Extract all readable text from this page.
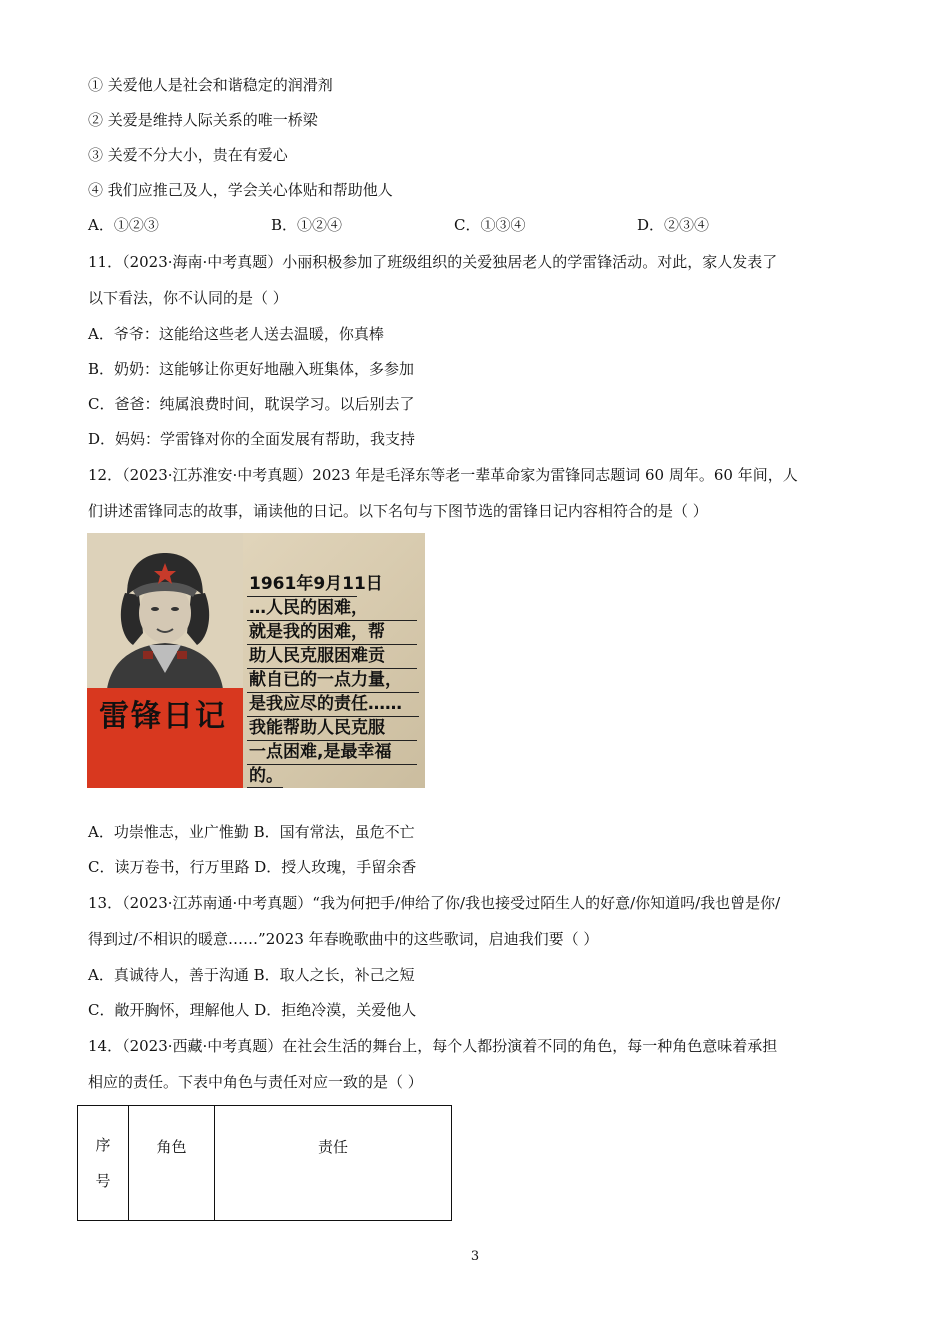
① 关爱他人是社会和谐稳定的润滑剂
② 关爱是维持人际关系的唯一桥梁
③ 关爱不分大小，贵在有爱心
④ 我们应推己及人，学会关心体贴和帮助他人
A．①②③	B．①②④	C．①③④	D．②③④
11．（2023·海南·中考真题）小丽积极参加了班级组织的关爱独居老人的学雷锋活动。对此，家人发表了
以下看法，你不认同的是（ ）
A．爷爷：这能给这些老人送去温暖，你真棒
B．奶奶：这能够让你更好地融入班集体，多参加
C．爸爸：纯属浪费时间，耽误学习。以后别去了
D．妈妈：学雷锋对你的全面发展有帮助，我支持
12．（2023·江苏淮安·中考真题）2023 年是毛泽东等老一辈革命家为雷锋同志题词 60 周年。60 年间，人
们讲述雷锋同志的故事，诵读他的日记。以下名句与下图节选的雷锋日记内容相符合的是（ ）
雷锋日记
1961年9月11日
…人民的困难，
就是我的困难，帮
助人民克服困难贡
献自已的一点力量，
是我应尽的责任……
我能帮助人民克服
一点困难,是最幸福
的。
A．功崇惟志，业广惟勤 B．国有常法，虽危不亡
C．读万卷书，行万里路 D．授人玫瑰，手留余香
13．（2023·江苏南通·中考真题）“我为何把手/伸给了你/我也接受过陌生人的好意/你知道吗/我也曾是你/
得到过/不相识的暖意……”2023 年春晚歌曲中的这些歌词，启迪我们要（ ）
A．真诚待人，善于沟通 B．取人之长，补己之短
C．敞开胸怀，理解他人 D．拒绝冷漠，关爱他人
14．（2023·西藏·中考真题）在社会生活的舞台上，每个人都扮演着不同的角色，每一种角色意味着承担
相应的责任。下表中角色与责任对应一致的是（ ）
序
号
	角色	责任
3
